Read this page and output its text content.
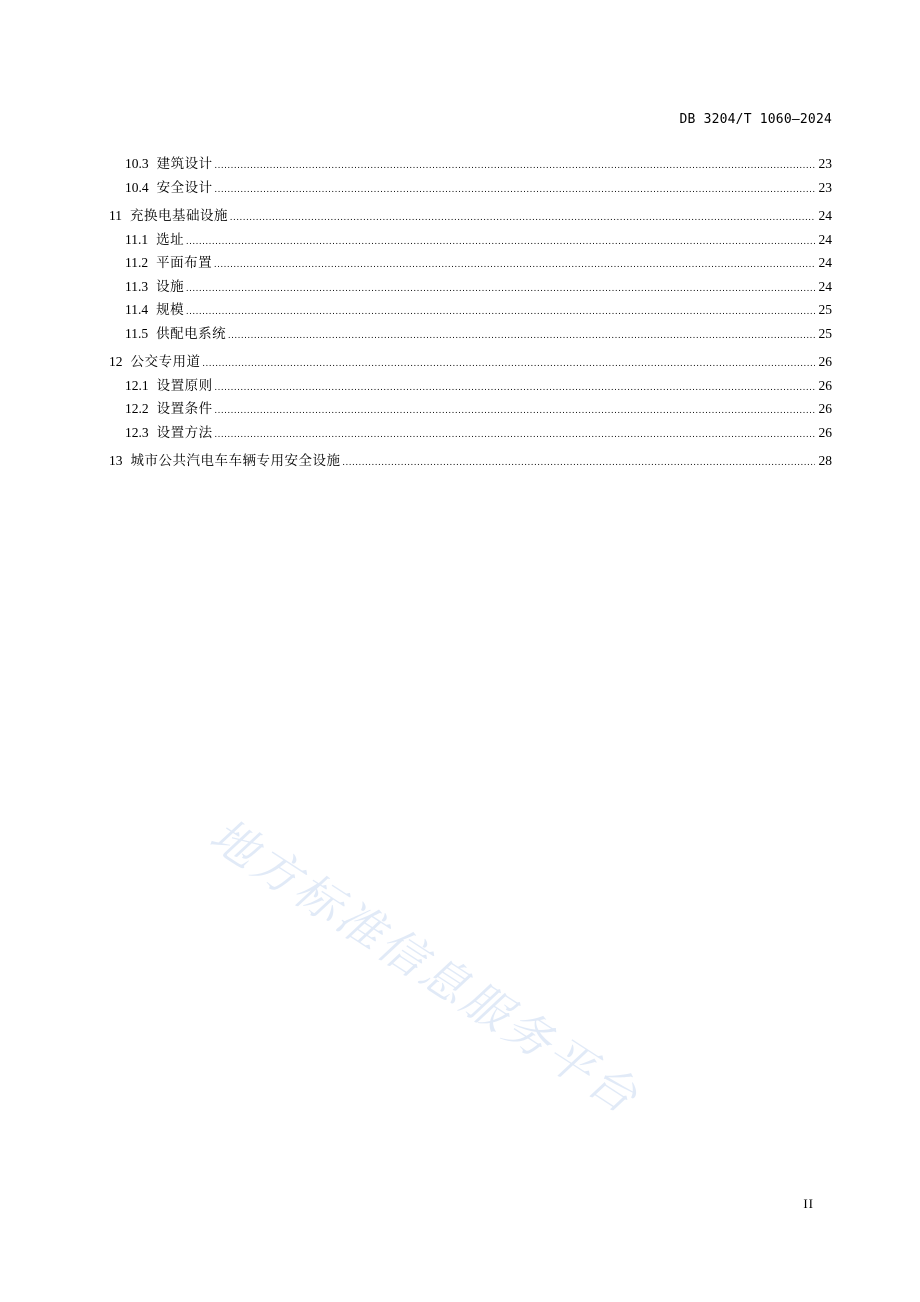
DB 3204/T 1060—2024
10.3 建筑设计 .....	23
10.4 安全设计 .....	23
11 充换电基础设施 .....	24
11.1 选址 .....	24
11.2 平面布置 .....	24
11.3 设施 .....	24
11.4 规模 .....	25
11.5 供配电系统 .....	25
12 公交专用道 .....	26
12.1 设置原则 .....	26
12.2 设置条件 .....	26
12.3 设置方法 .....	26
13 城市公共汽电车车辆专用安全设施 .....	28
地方标准信息服务平台
II
